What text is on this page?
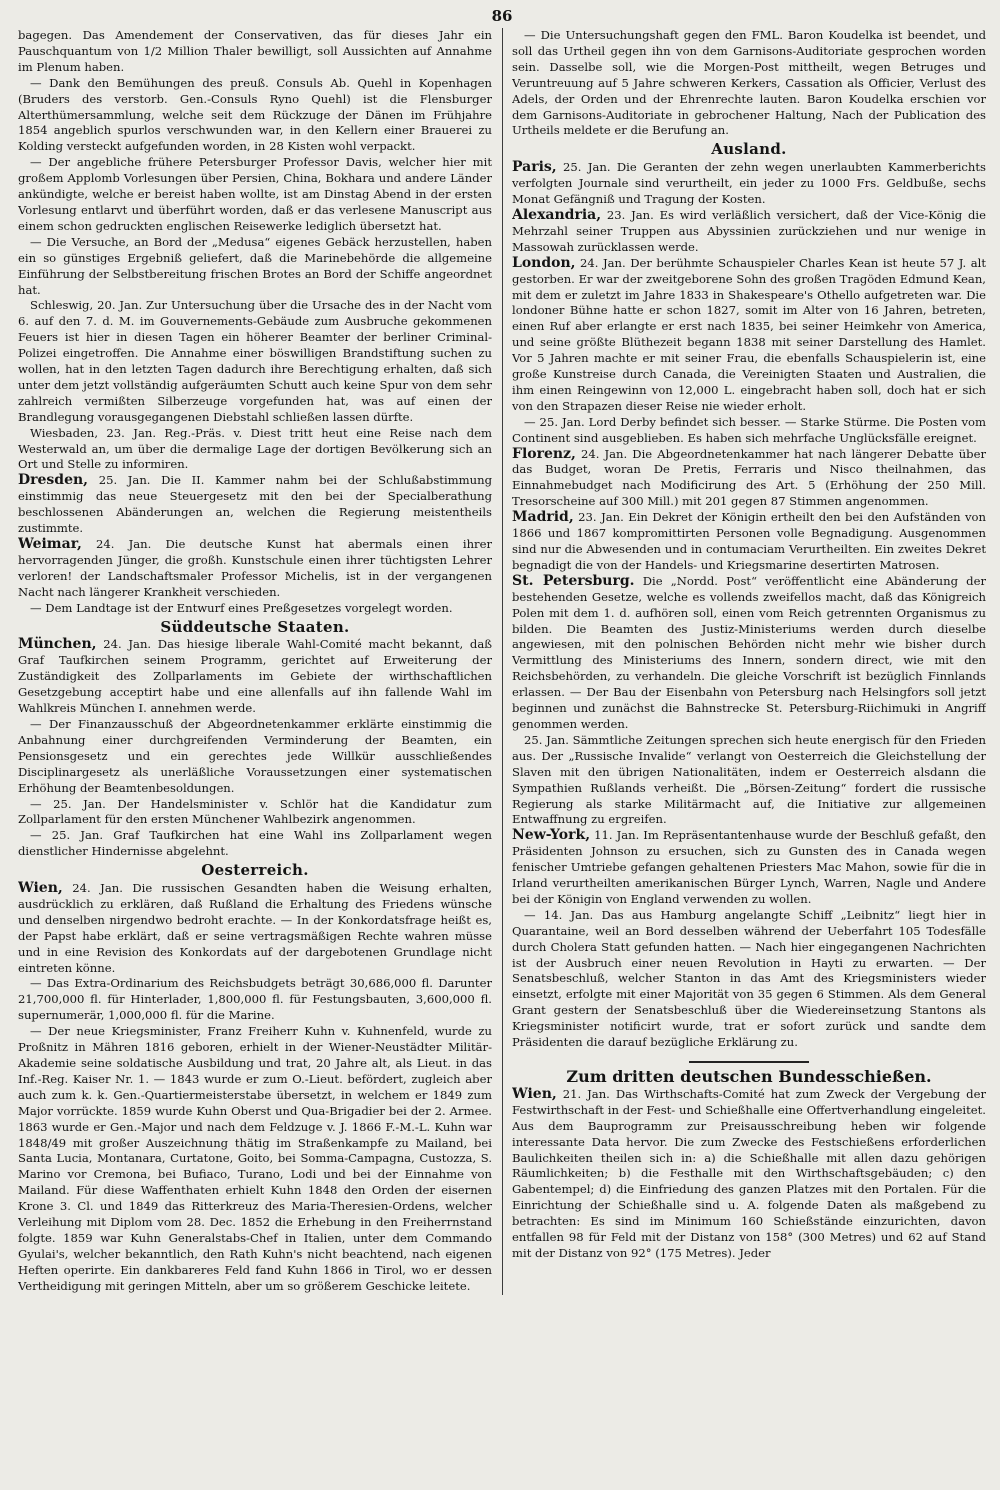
86

bagegen. Das Amendement der Conservativen, das für dieses Jahr ein Pauschquantum von 1/2 Million Thaler bewilligt, soll Aussichten auf Annahme im Plenum haben.

— Dank den Bemühungen des preuß. Consuls Ab. Quehl in Kopenhagen (Bruders des verstorb. Gen.-Consuls Ryno Quehl) ist die Flensburger Alterthümersammlung, welche seit dem Rückzuge der Dänen im Frühjahre 1854 angeblich spurlos verschwunden war, in den Kellern einer Brauerei zu Kolding versteckt aufgefunden worden, in 28 Kisten wohl verpackt.

— Der angebliche frühere Petersburger Professor Davis, welcher hier mit großem Applomb Vorlesungen über Persien, China, Bokhara und andere Länder ankündigte, welche er bereist haben wollte, ist am Dinstag Abend in der ersten Vorlesung entlarvt und überführt worden, daß er das verlesene Manuscript aus einem schon gedruckten englischen Reisewerke lediglich übersetzt hat.

— Die Versuche, an Bord der „Medusa“ eigenes Gebäck herzustellen, haben ein so günstiges Ergebniß geliefert, daß die Marinebehörde die allgemeine Einführung der Selbstbereitung frischen Brotes an Bord der Schiffe angeordnet hat.

Schleswig, 20. Jan. Zur Untersuchung über die Ursache des in der Nacht vom 6. auf den 7. d. M. im Gouvernements-Gebäude zum Ausbruche gekommenen Feuers ist hier in diesen Tagen ein höherer Beamter der berliner Criminal-Polizei eingetroffen. Die Annahme einer böswilligen Brandstiftung suchen zu wollen, hat in den letzten Tagen dadurch ihre Berechtigung erhalten, daß sich unter dem jetzt vollständig aufgeräumten Schutt auch keine Spur von dem sehr zahlreich vermißten Silberzeuge vorgefunden hat, was auf einen der Brandlegung vorausgegangenen Diebstahl schließen lassen dürfte.

Wiesbaden, 23. Jan. Reg.-Präs. v. Diest tritt heut eine Reise nach dem Westerwald an, um über die dermalige Lage der dortigen Bevölkerung sich an Ort und Stelle zu informiren.

Dresden, 25. Jan. Die II. Kammer nahm bei der Schlußabstimmung einstimmig das neue Steuergesetz mit den bei der Specialberathung beschlossenen Abänderungen an, welchen die Regierung meistentheils zustimmte.

Weimar, 24. Jan. Die deutsche Kunst hat abermals einen ihrer hervorragenden Jünger, die großh. Kunstschule einen ihrer tüchtigsten Lehrer verloren! der Landschaftsmaler Professor Michelis, ist in der vergangenen Nacht nach längerer Krankheit verschieden.

— Dem Landtage ist der Entwurf eines Preßgesetzes vorgelegt worden.

Süddeutsche Staaten.

München, 24. Jan. Das hiesige liberale Wahl-Comité macht bekannt, daß Graf Taufkirchen seinem Programm, gerichtet auf Erweiterung der Zuständigkeit des Zollparlaments im Gebiete der wirthschaftlichen Gesetzgebung acceptirt habe und eine allenfalls auf ihn fallende Wahl im Wahlkreis München I. annehmen werde.

— Der Finanzausschuß der Abgeordnetenkammer erklärte einstimmig die Anbahnung einer durchgreifenden Verminderung der Beamten, ein Pensionsgesetz und ein gerechtes jede Willkür ausschließendes Disciplinargesetz als unerläßliche Voraussetzungen einer systematischen Erhöhung der Beamtenbesoldungen.

— 25. Jan. Der Handelsminister v. Schlör hat die Kandidatur zum Zollparlament für den ersten Münchener Wahlbezirk angenommen.

— 25. Jan. Graf Taufkirchen hat eine Wahl ins Zollparlament wegen dienstlicher Hindernisse abgelehnt.

Oesterreich.

Wien, 24. Jan. Die russischen Gesandten haben die Weisung erhalten, ausdrücklich zu erklären, daß Rußland die Erhaltung des Friedens wünsche und denselben nirgendwo bedroht erachte. — In der Konkordatsfrage heißt es, der Papst habe erklärt, daß er seine vertragsmäßigen Rechte wahren müsse und in eine Revision des Konkordats auf der dargebotenen Grundlage nicht eintreten könne.

— Das Extra-Ordinarium des Reichsbudgets beträgt 30,686,000 fl. Darunter 21,700,000 fl. für Hinterlader, 1,800,000 fl. für Festungsbauten, 3,600,000 fl. supernumerär, 1,000,000 fl. für die Marine.

— Der neue Kriegsminister, Franz Freiherr Kuhn v. Kuhnenfeld, wurde zu Proßnitz in Mähren 1816 geboren, erhielt in der Wiener-Neustädter Militär-Akademie seine soldatische Ausbildung und trat, 20 Jahre alt, als Lieut. in das Inf.-Reg. Kaiser Nr. 1. — 1843 wurde er zum O.-Lieut. befördert, zugleich aber auch zum k. k. Gen.-Quartiermeisterstabe übersetzt, in welchem er 1849 zum Major vorrückte. 1859 wurde Kuhn Oberst und Qua-Brigadier bei der 2. Armee. 1863 wurde er Gen.-Major und nach dem Feldzuge v. J. 1866 F.-M.-L. Kuhn war 1848/49 mit großer Auszeichnung thätig im Straßenkampfe zu Mailand, bei Santa Lucia, Montanara, Curtatone, Goito, bei Somma-Campagna, Custozza, S. Marino vor Cremona, bei Bufiaco, Turano, Lodi und bei der Einnahme von Mailand. Für diese Waffenthaten erhielt Kuhn 1848 den Orden der eisernen Krone 3. Cl. und 1849 das Ritterkreuz des Maria-Theresien-Ordens, welcher Verleihung mit Diplom vom 28. Dec. 1852 die Erhebung in den Freiherrnstand folgte. 1859 war Kuhn Generalstabs-Chef in Italien, unter dem Commando Gyulai's, welcher bekanntlich, den Rath Kuhn's nicht beachtend, nach eigenen Heften operirte. Ein dankbareres Feld fand Kuhn 1866 in Tirol, wo er dessen Vertheidigung mit geringen Mitteln, aber um so größerem Geschicke leitete.

— Die Untersuchungshaft gegen den FML. Baron Koudelka ist beendet, und soll das Urtheil gegen ihn von dem Garnisons-Auditoriate gesprochen worden sein. Dasselbe soll, wie die Morgen-Post mittheilt, wegen Betruges und Veruntreuung auf 5 Jahre schweren Kerkers, Cassation als Officier, Verlust des Adels, der Orden und der Ehrenrechte lauten. Baron Koudelka erschien vor dem Garnisons-Auditoriate in gebrochener Haltung, Nach der Publication des Urtheils meldete er die Berufung an.

Ausland.

Paris, 25. Jan. Die Geranten der zehn wegen unerlaubten Kammerberichts verfolgten Journale sind verurtheilt, ein jeder zu 1000 Frs. Geldbuße, sechs Monat Gefängniß und Tragung der Kosten.

Alexandria, 23. Jan. Es wird verläßlich versichert, daß der Vice-König die Mehrzahl seiner Truppen aus Abyssinien zurückziehen und nur wenige in Massowah zurücklassen werde.

London, 24. Jan. Der berühmte Schauspieler Charles Kean ist heute 57 J. alt gestorben. Er war der zweitgeborene Sohn des großen Tragöden Edmund Kean, mit dem er zuletzt im Jahre 1833 in Shakespeare's Othello aufgetreten war. Die londoner Bühne hatte er schon 1827, somit im Alter von 16 Jahren, betreten, einen Ruf aber erlangte er erst nach 1835, bei seiner Heimkehr von America, und seine größte Blüthezeit begann 1838 mit seiner Darstellung des Hamlet. Vor 5 Jahren machte er mit seiner Frau, die ebenfalls Schauspielerin ist, eine große Kunstreise durch Canada, die Vereinigten Staaten und Australien, die ihm einen Reingewinn von 12,000 L. eingebracht haben soll, doch hat er sich von den Strapazen dieser Reise nie wieder erholt.

— 25. Jan. Lord Derby befindet sich besser. — Starke Stürme. Die Posten vom Continent sind ausgeblieben. Es haben sich mehrfache Unglücksfälle ereignet.

Florenz, 24. Jan. Die Abgeordnetenkammer hat nach längerer Debatte über das Budget, woran De Pretis, Ferraris und Nisco theilnahmen, das Einnahmebudget nach Modificirung des Art. 5 (Erhöhung der 250 Mill. Tresorscheine auf 300 Mill.) mit 201 gegen 87 Stimmen angenommen.

Madrid, 23. Jan. Ein Dekret der Königin ertheilt den bei den Aufständen von 1866 und 1867 kompromittirten Personen volle Begnadigung. Ausgenommen sind nur die Abwesenden und in contumaciam Verurtheilten. Ein zweites Dekret begnadigt die von der Handels- und Kriegsmarine desertirten Matrosen.

St. Petersburg. Die „Nordd. Post“ veröffentlicht eine Abänderung der bestehenden Gesetze, welche es vollends zweifellos macht, daß das Königreich Polen mit dem 1. d. aufhören soll, einen vom Reich getrennten Organismus zu bilden. Die Beamten des Justiz-Ministeriums werden durch dieselbe angewiesen, mit den polnischen Behörden nicht mehr wie bisher durch Vermittlung des Ministeriums des Innern, sondern direct, wie mit den Reichsbehörden, zu verhandeln. Die gleiche Vorschrift ist bezüglich Finnlands erlassen. — Der Bau der Eisenbahn von Petersburg nach Helsingfors soll jetzt beginnen und zunächst die Bahnstrecke St. Petersburg-Riichimuki in Angriff genommen werden.

25. Jan. Sämmtliche Zeitungen sprechen sich heute energisch für den Frieden aus. Der „Russische Invalide“ verlangt von Oesterreich die Gleichstellung der Slaven mit den übrigen Nationalitäten, indem er Oesterreich alsdann die Sympathien Rußlands verheißt. Die „Börsen-Zeitung“ fordert die russische Regierung als starke Militärmacht auf, die Initiative zur allgemeinen Entwaffnung zu ergreifen.

New-York, 11. Jan. Im Repräsentantenhause wurde der Beschluß gefaßt, den Präsidenten Johnson zu ersuchen, sich zu Gunsten des in Canada wegen fenischer Umtriebe gefangen gehaltenen Priesters Mac Mahon, sowie für die in Irland verurtheilten amerikanischen Bürger Lynch, Warren, Nagle und Andere bei der Königin von England verwenden zu wollen.

— 14. Jan. Das aus Hamburg angelangte Schiff „Leibnitz“ liegt hier in Quarantaine, weil an Bord desselben während der Ueberfahrt 105 Todesfälle durch Cholera Statt gefunden hatten. — Nach hier eingegangenen Nachrichten ist der Ausbruch einer neuen Revolution in Hayti zu erwarten. — Der Senatsbeschluß, welcher Stanton in das Amt des Kriegsministers wieder einsetzt, erfolgte mit einer Majorität von 35 gegen 6 Stimmen. Als dem General Grant gestern der Senatsbeschluß über die Wiedereinsetzung Stantons als Kriegsminister notificirt wurde, trat er sofort zurück und sandte dem Präsidenten die darauf bezügliche Erklärung zu.

Zum dritten deutschen Bundesschießen.

Wien, 21. Jan. Das Wirthschafts-Comité hat zum Zweck der Vergebung der Festwirthschaft in der Fest- und Schießhalle eine Offertverhandlung eingeleitet. Aus dem Bauprogramm zur Preisausschreibung heben wir folgende interessante Data hervor. Die zum Zwecke des Festschießens erforderlichen Baulichkeiten theilen sich in: a) die Schießhalle mit allen dazu gehörigen Räumlichkeiten; b) die Festhalle mit den Wirthschaftsgebäuden; c) den Gabentempel; d) die Einfriedung des ganzen Platzes mit den Portalen. Für die Einrichtung der Schießhalle sind u. A. folgende Daten als maßgebend zu betrachten: Es sind im Minimum 160 Schießstände einzurichten, davon entfallen 98 für Feld mit der Distanz von 158° (300 Metres) und 62 auf Stand mit der Distanz von 92° (175 Metres). Jeder
